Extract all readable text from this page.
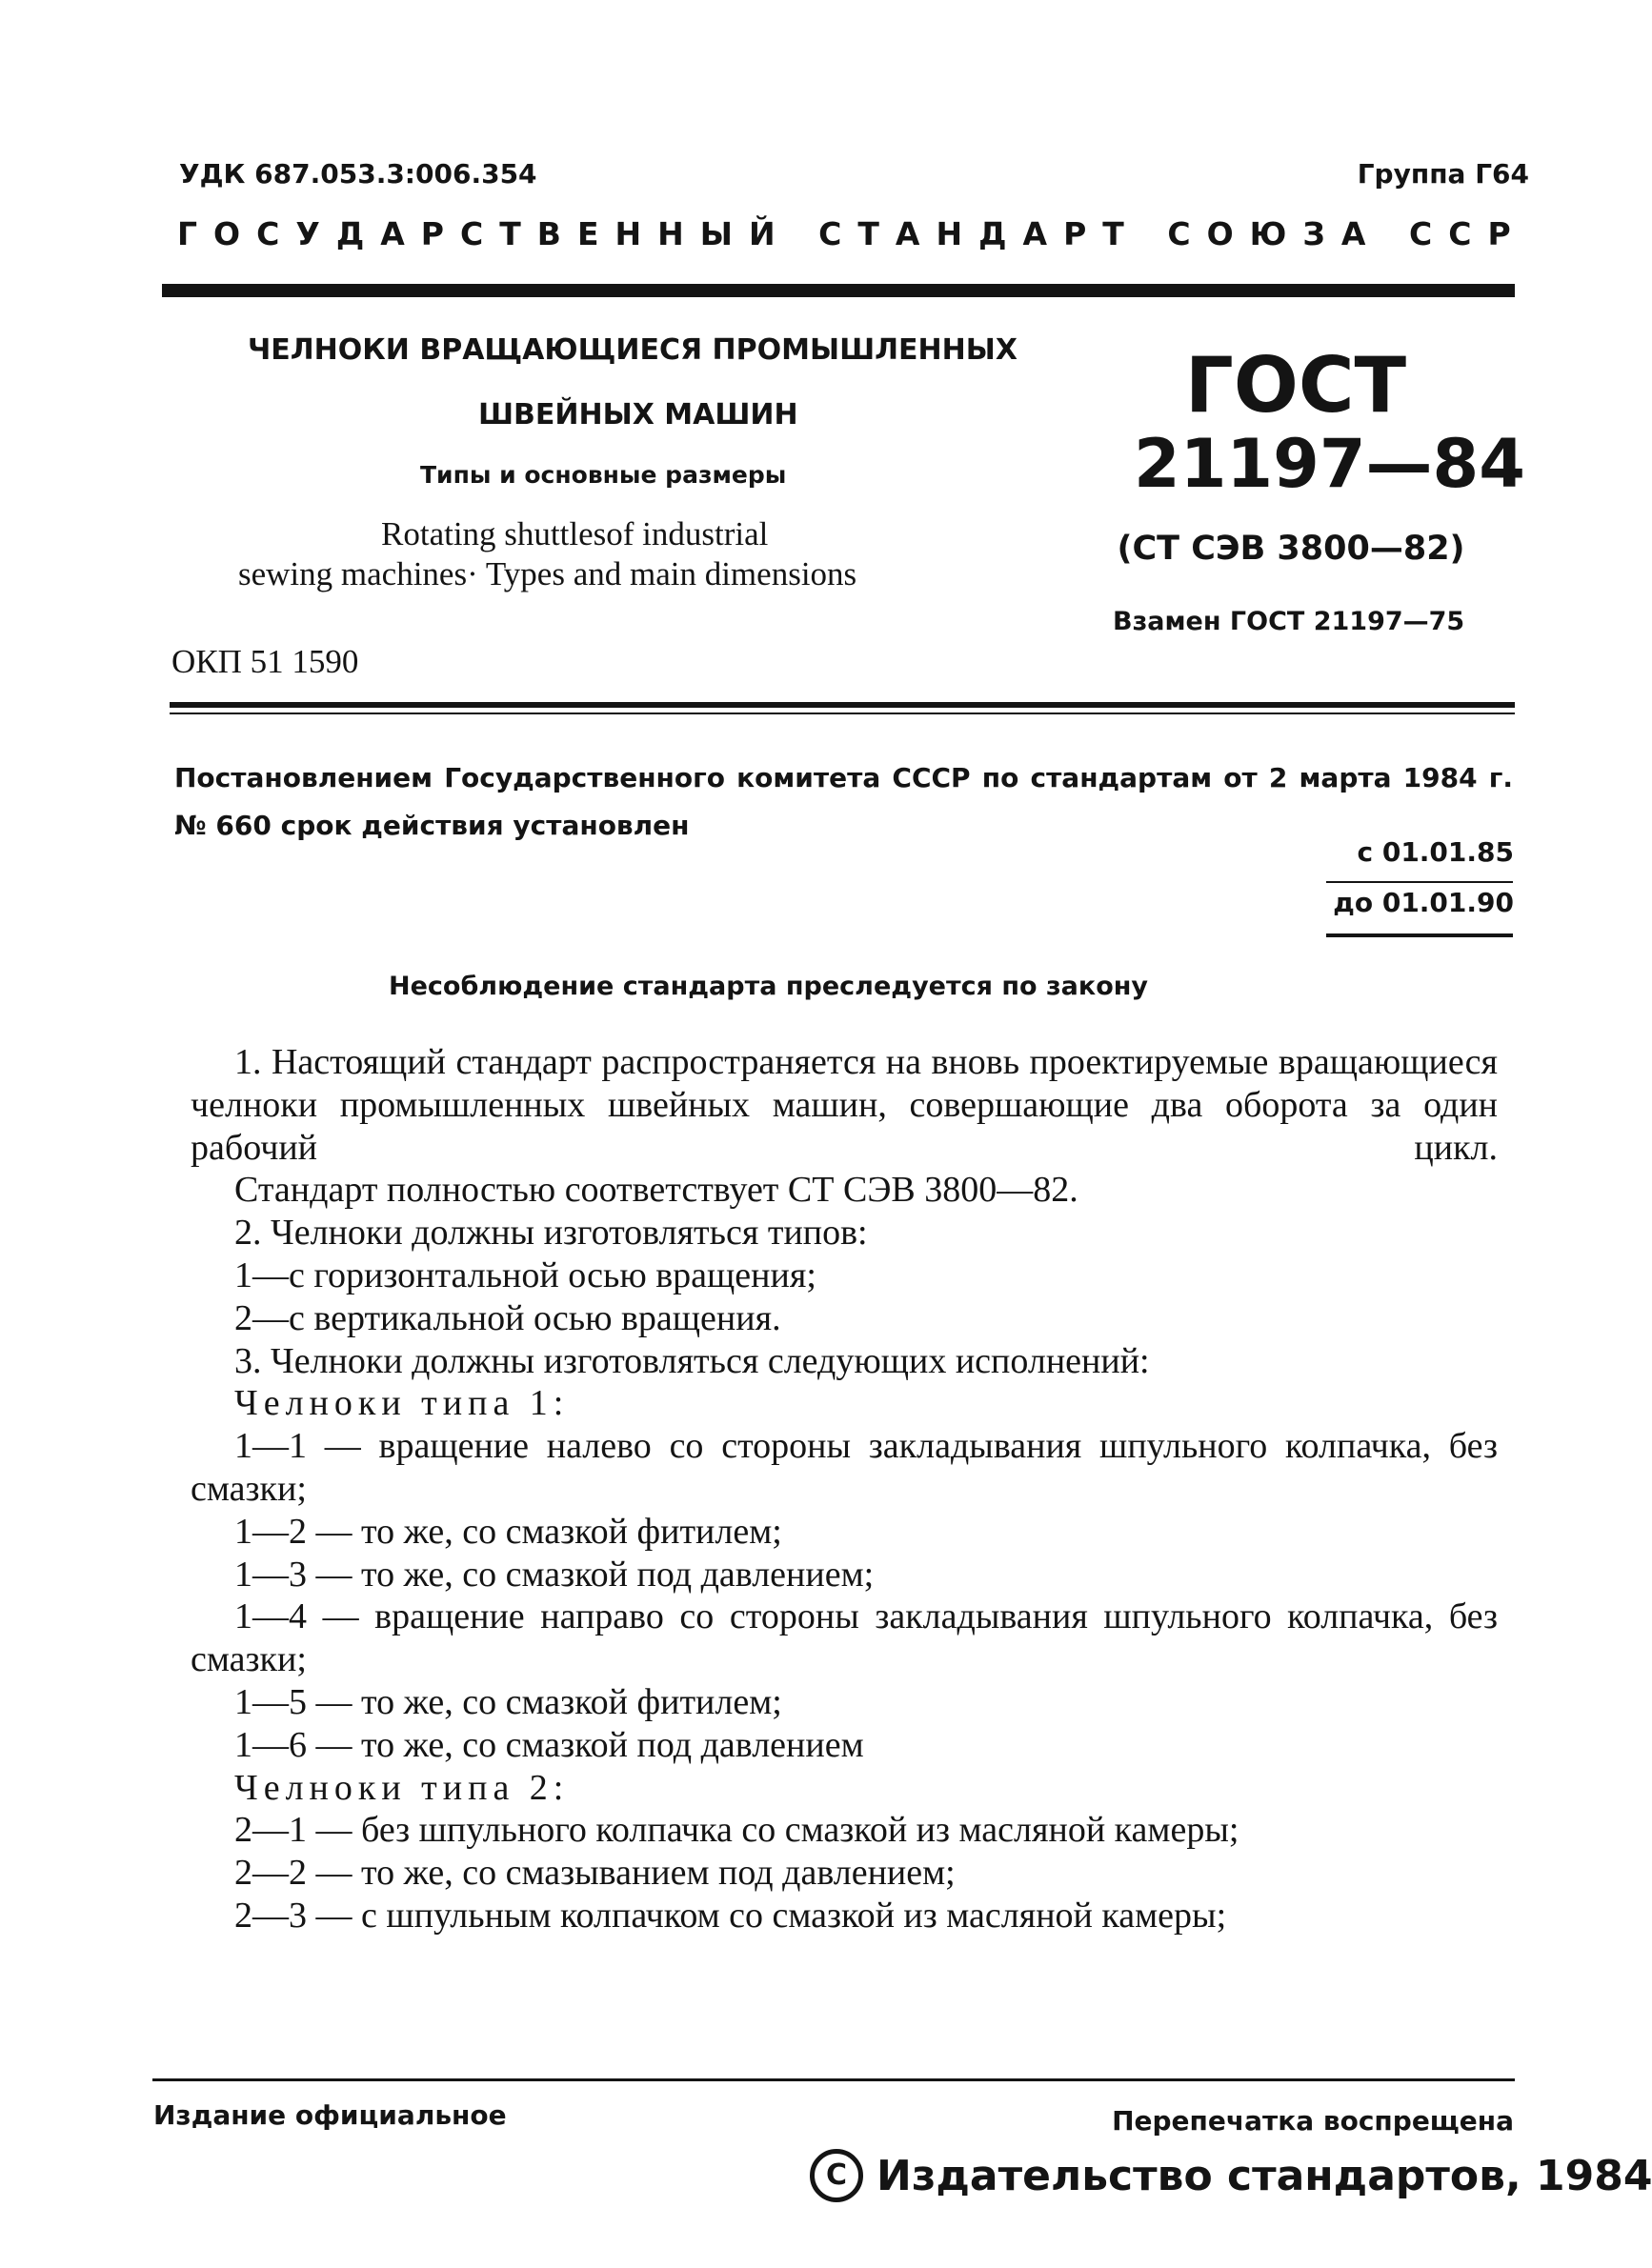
УДК 687.053.3:006.354	Группа Г64

Г О С У Д А Р С Т В Е Н Н Ы Й
С Т А Н Д А Р Т
С О Ю З А
С С Р

ЧЕЛНОКИ ВРАЩАЮЩИЕСЯ ПРОМЫШЛЕННЫХ

ШВЕЙНЫХ МАШИН

Типы и основные размеры

Rotating shuttlesof industrial

sewing machines· Types and main dimensions

ОКП 51 1590

ГОСТ

21197—84

(СТ СЭВ 3800—82)

Взамен ГОСТ 21197—75

Постановлением Государственного комитета СССР по стандартам от 2 марта 1984 г. № 660 срок действия установлен

с 01.01.85

до 01.01.90

Несоблюдение стандарта преследуется по закону

1. Настоящий стандарт распространяется на вновь проектируемые вращающиеся челноки промышленных швейных машин, совершающие два оборота за один рабочий цикл.

Стандарт полностью соответствует СТ СЭВ 3800—82.

2. Челноки должны изготовляться типов:

1—с горизонтальной осью вращения;

2—с вертикальной осью вращения.

3. Челноки должны изготовляться следующих исполнений:

Челноки типа 1:

1—1 — вращение налево со стороны закладывания шпульного колпачка, без смазки;

1—2 — то же, со смазкой фитилем;

1—3 — то же, со смазкой под давлением;

1—4 — вращение направо со стороны закладывания шпульного колпачка, без смазки;

1—5 — то же, со смазкой фитилем;

1—6 — то же, со смазкой под давлением

Челноки типа 2:

2—1 — без шпульного колпачка со смазкой из масляной камеры;

2—2 — то же, со смазыванием под давлением;

2—3 — с шпульным колпачком со смазкой из масляной камеры;

Издание официальное	Перепечатка воспрещена

C Издательство стандартов, 1984
